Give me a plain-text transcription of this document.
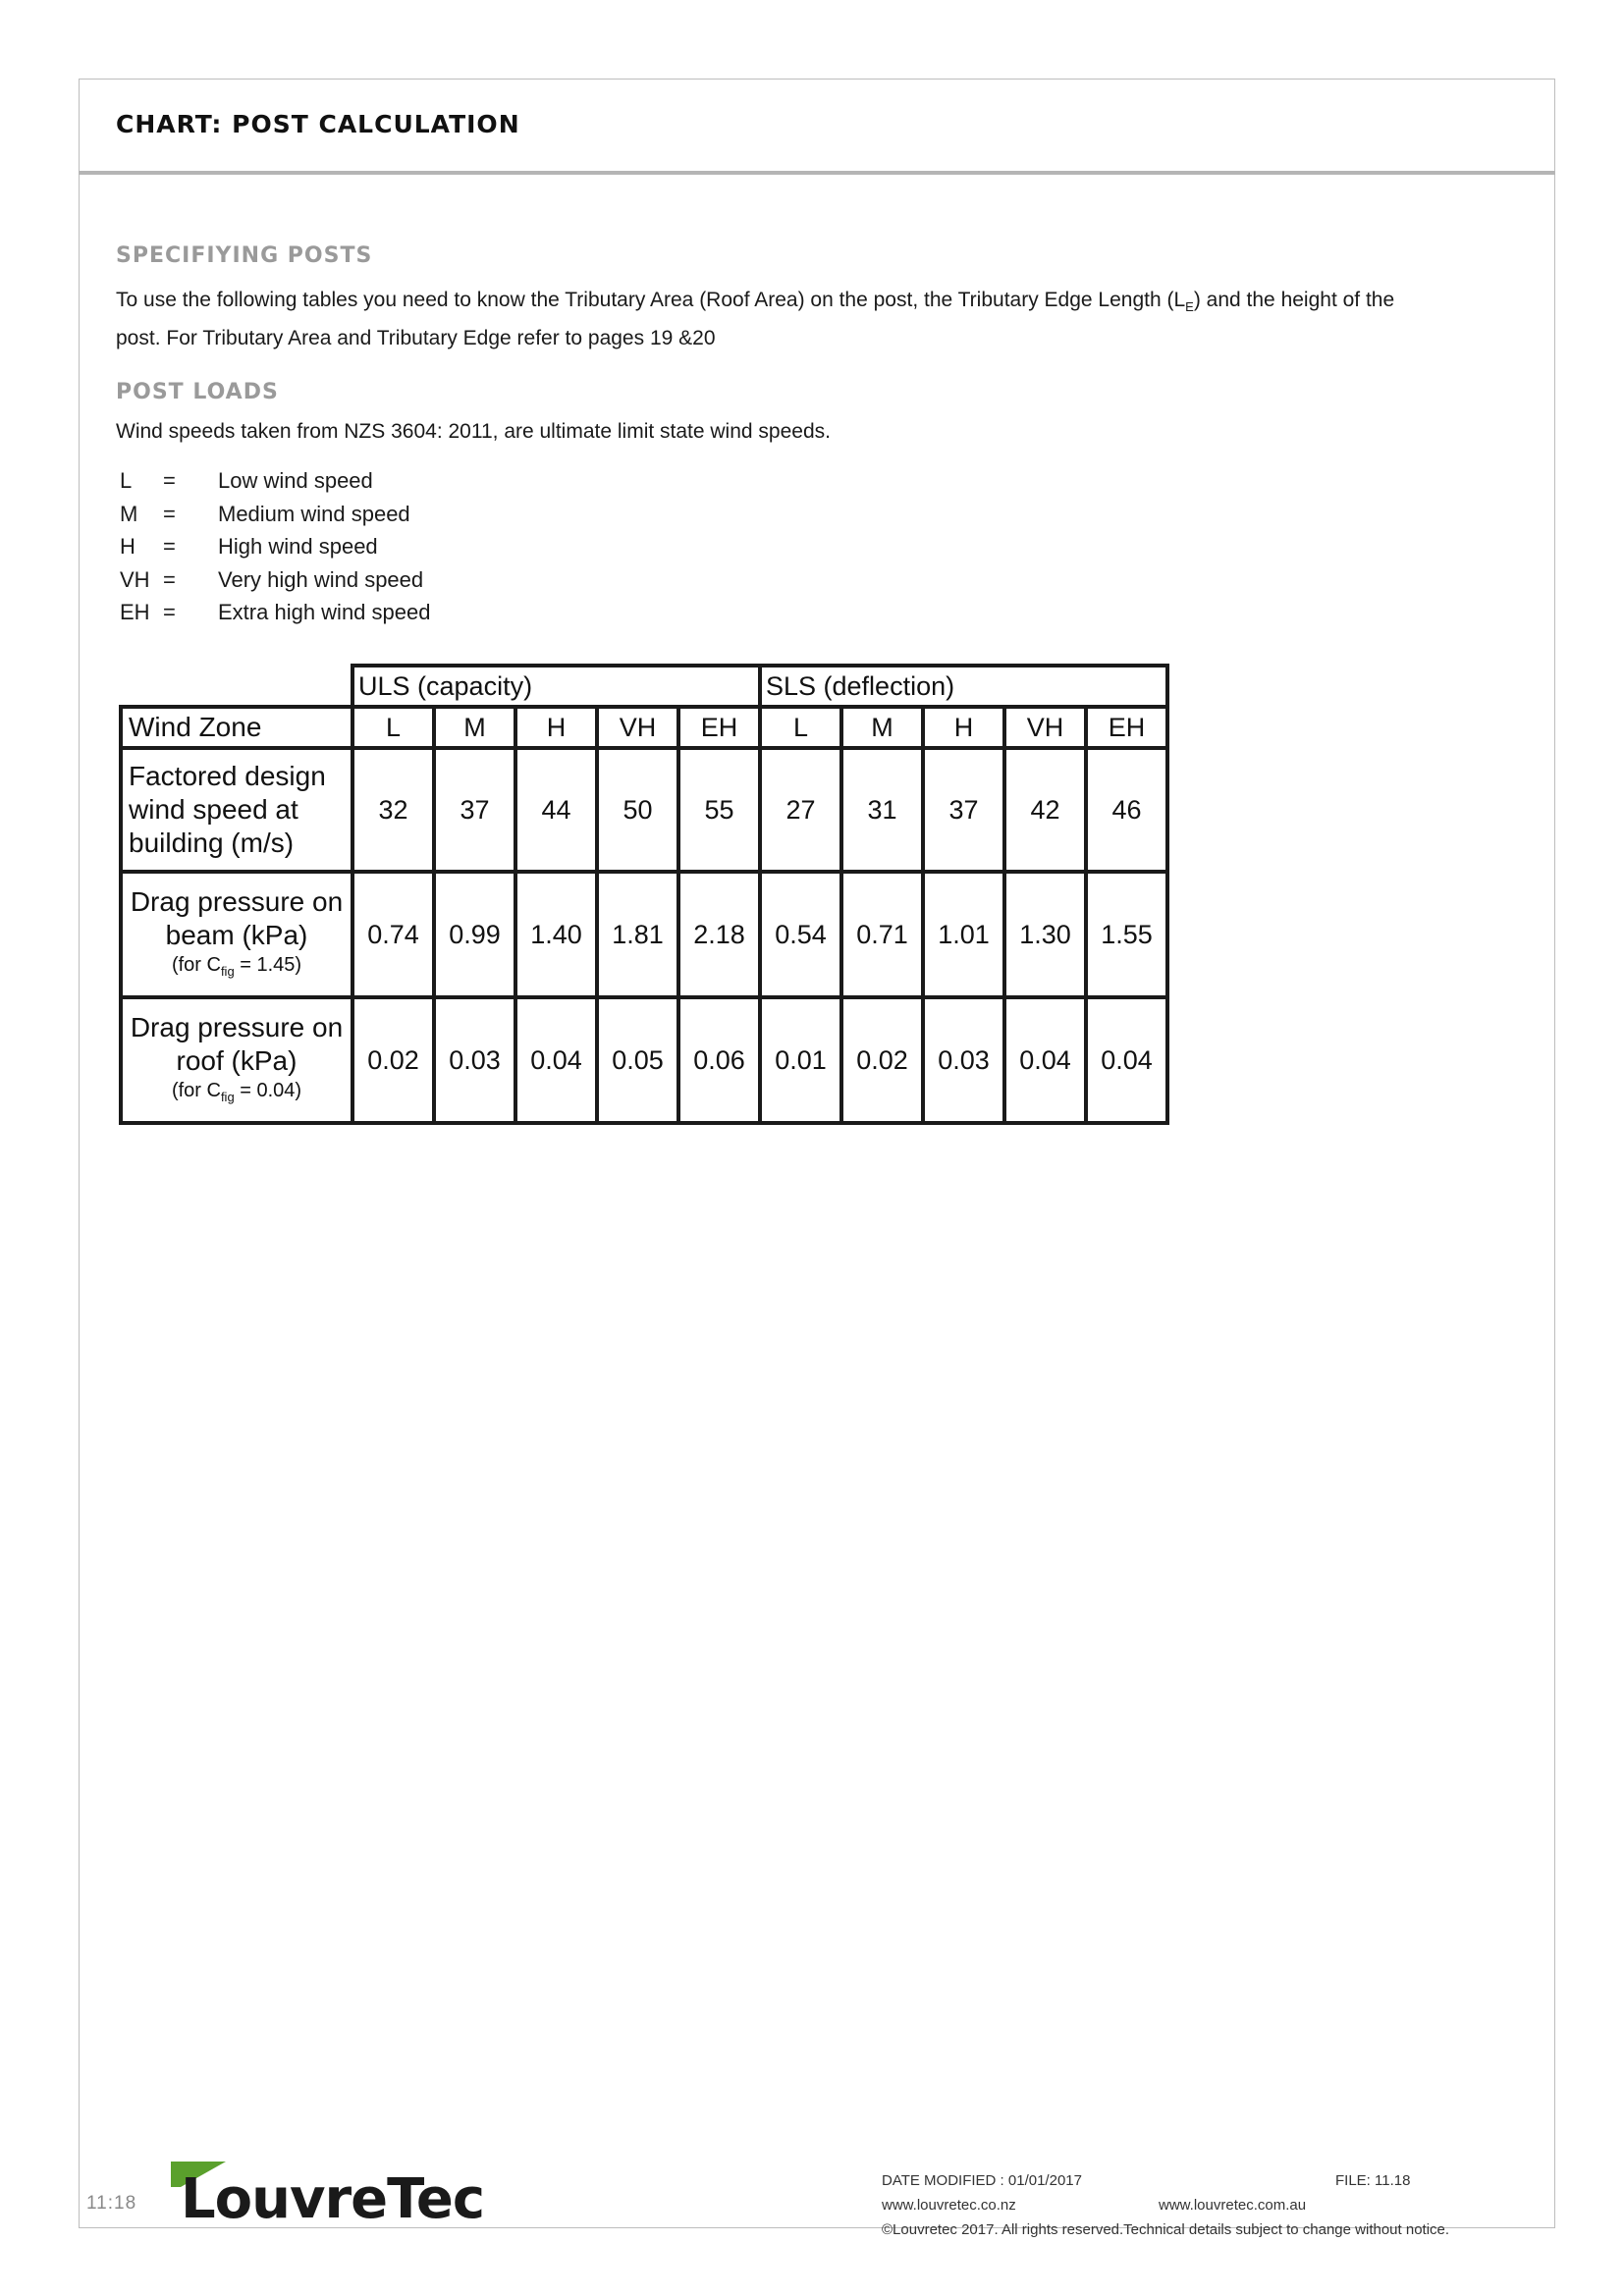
CHART: POST CALCULATION
SPECIFIYING POSTS
To use the following tables you need to know the Tributary Area (Roof Area) on the post, the Tributary Edge Length $(L_E)$ and the height of the
post. For Tributary Area and Tributary Edge refer to pages 19 &20
POST LOADS
Wind speeds taken from NZS 3604: 2011, are ultimate limit state wind speeds.
L = Low wind speed
M = Medium wind speed
H = High wind speed
VH = Very high wind speed
EH = Extra high wind speed
	ULS (capacity)					SLS (deflection)				
Wind Zone	L	M	H	VH	EH	L	M	H	VH	EH
Factored design
wind speed at
building (m/s)	32	37	44	50	55	27	31	37	42	46
Drag pressure on
beam (kPa)
(for $C_{fig} = 1.45$)	0.74	0.99	1.40	1.81	2.18	0.54	0.71	1.01	1.30	1.55
Drag pressure on
roof (kPa)
(for $C_{fig} = 0.04$)	0.02	0.03	0.04	0.05	0.06	0.01	0.02	0.03	0.04	0.04
11:18 LouvreTec	DATE MODIFIED : 01/01/2017	FILE: 11.18
www.louvretec.co.nz	www.louvretec.com.au
©Louvretec 2017. All rights reserved.Technical details subject to change without notice.
